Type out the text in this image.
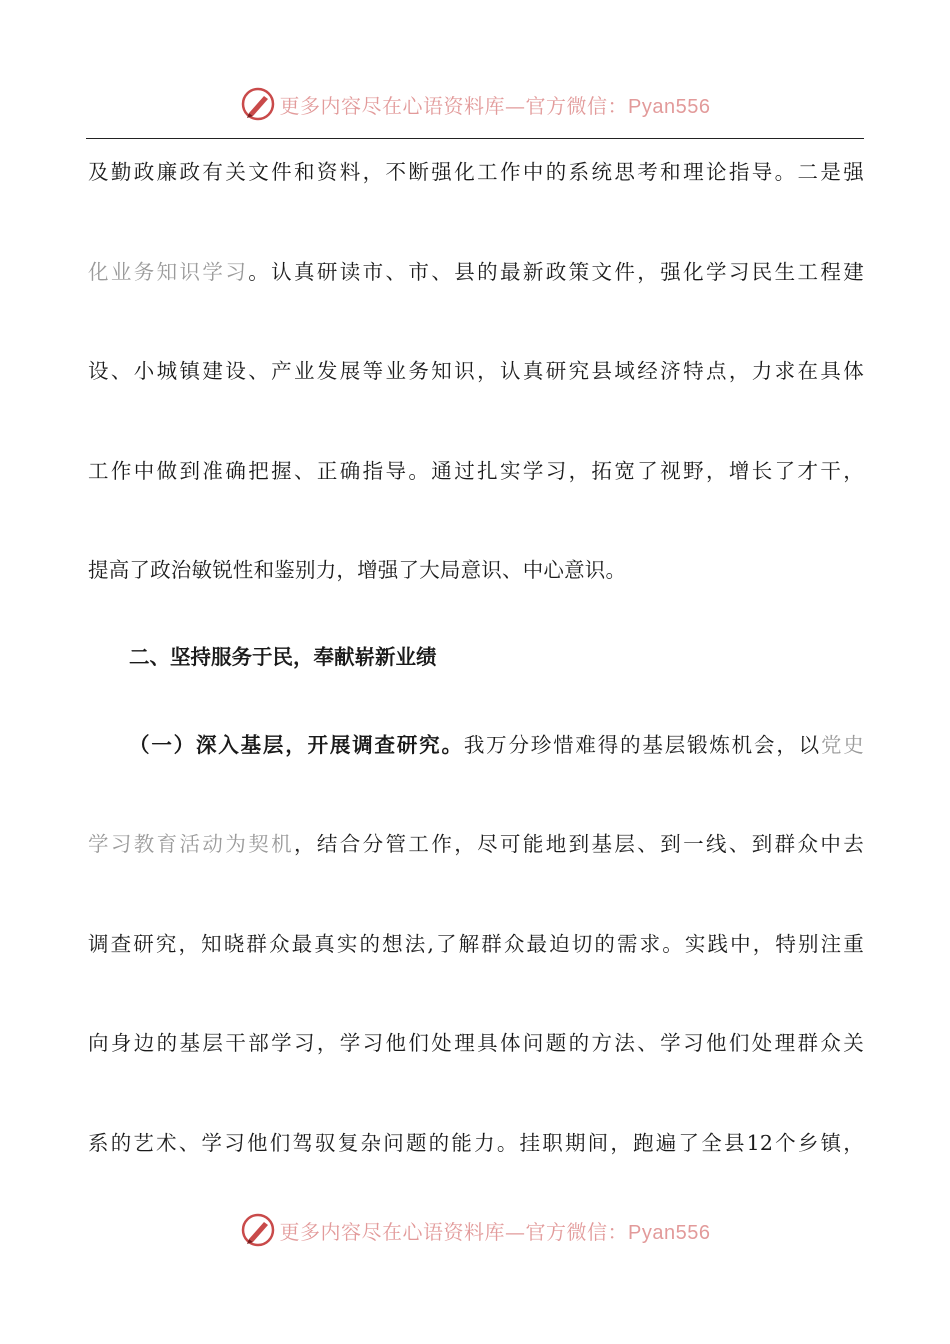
更多内容尽在心语资料库—官方微信：Pyan556
及勤政廉政有关文件和资料，不断强化工作中的系统思考和理论指导。二是强
化业务知识学习。认真研读市、市、县的最新政策文件，强化学习民生工程建
设、小城镇建设、产业发展等业务知识，认真研究县域经济特点，力求在具体
工作中做到准确把握、正确指导。通过扎实学习，拓宽了视野，增长了才干，
提高了政治敏锐性和鉴别力，增强了大局意识、中心意识。
二、坚持服务于民，奉献崭新业绩
（一）深入基层，开展调查研究。我万分珍惜难得的基层锻炼机会，以党史
学习教育活动为契机，结合分管工作，尽可能地到基层、到一线、到群众中去
调查研究，知晓群众最真实的想法,了解群众最迫切的需求。实践中，特别注重
向身边的基层干部学习，学习他们处理具体问题的方法、学习他们处理群众关
系的艺术、学习他们驾驭复杂问题的能力。挂职期间，跑遍了全县12个乡镇，
更多内容尽在心语资料库—官方微信：Pyan556
